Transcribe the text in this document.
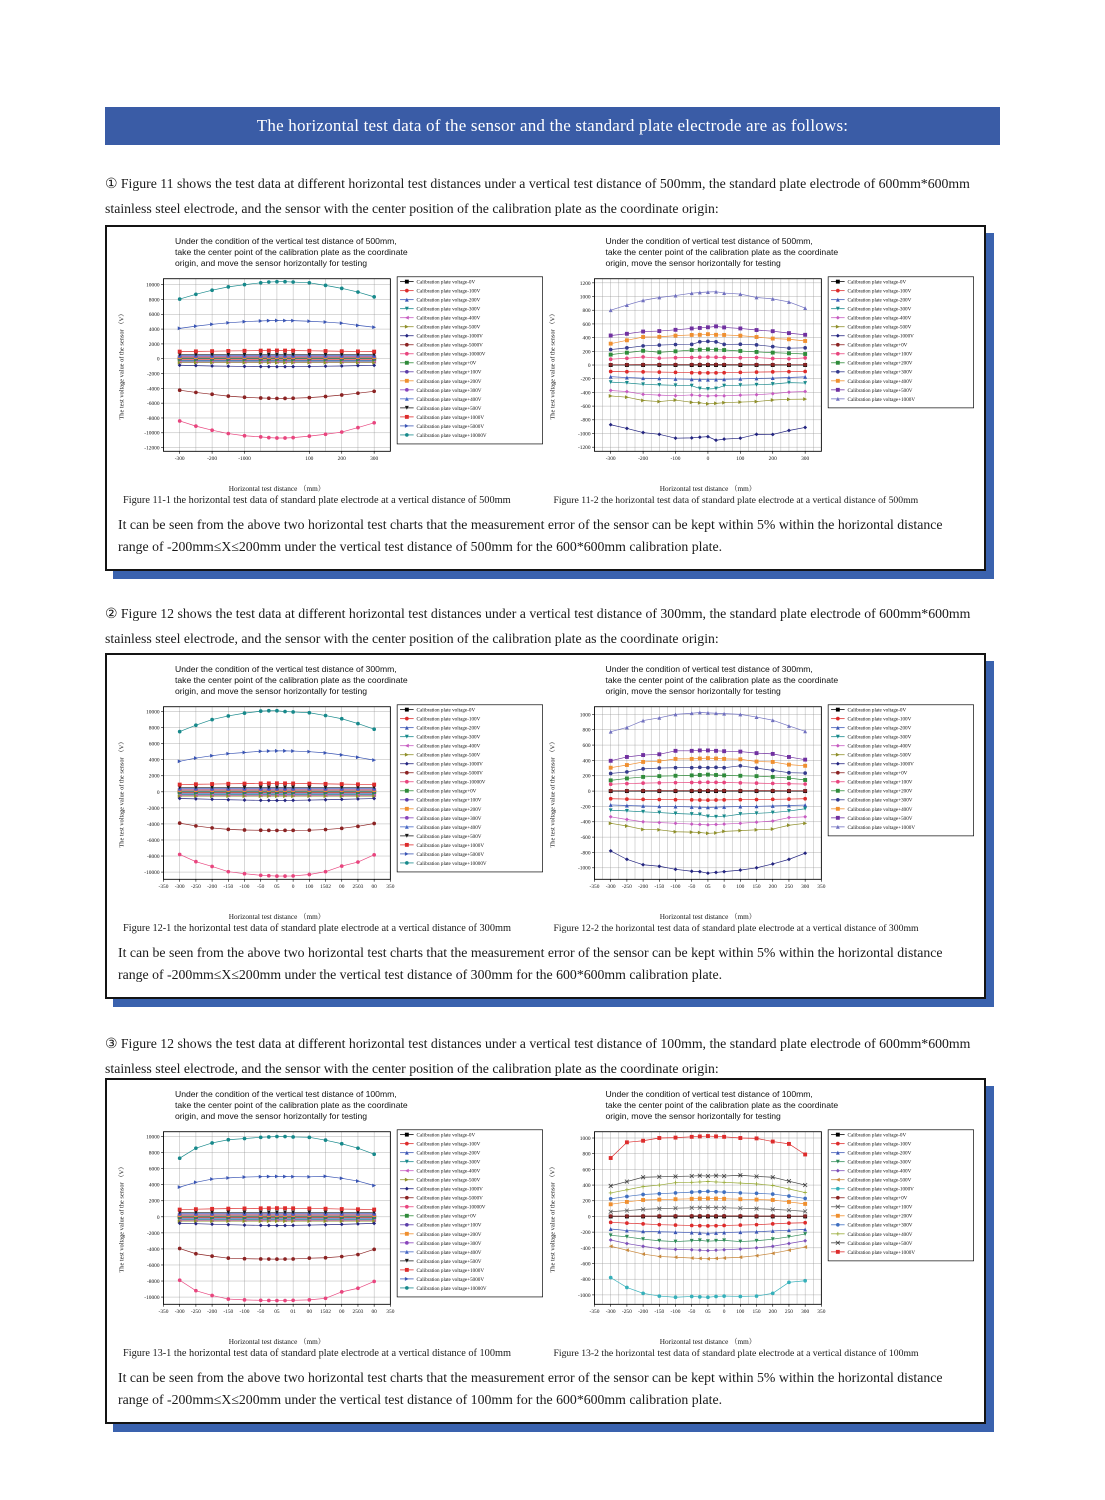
The horizontal test data of the sensor and the standard plate electrode are as follows:

① Figure 11 shows the test data at different horizontal test distances under a vertical test distance of 500mm, the standard plate electrode of 600mm*600mm stainless steel electrode, and the sensor with the center position of the calibration plate as the coordinate origin:

Under the condition of the vertical test distance of 500mm,
take the center point of the calibration plate as the coordinate
origin, and move the sensor horizontally for testing
10000
8000
6000
4000
2000
0
-2000
-4000
-6000
-8000
-10000
-12000
-300	-200	-1000	100	200	300
Calibration plate voltage-0V
Calibration plate voltage-100V
Calibration plate voltage-200V
Calibration plate voltage-300V
Calibration plate voltage-400V
Calibration plate voltage-500V
Calibration plate voltage-1000V
Calibration plate voltage-5000V
Calibration plate voltage-10000V
Calibration plate voltage+0V
Calibration plate voltage+100V
Calibration plate voltage+200V
Calibration plate voltage+300V
Calibration plate voltage+400V
Calibration plate voltage+500V
Calibration plate voltage+1000V
Calibration plate voltage+5000V
Calibration plate voltage+10000V
The test voltage value of the sensor （V）
Horizontal test distance （mm）
Figure 11-1 the horizontal test data of standard plate electrode at a vertical distance of 500mm
Under the condition of vertical test distance of 500mm,
take the center point of the calibration plate as the coordinate
origin, move the sensor horizontally for testing
1200
1000
800
600
400
200
0
-200
-400
-600
-800
-1000
-1200
-300	-200	-100	0	100	200	300
Calibration plate voltage-0V
Calibration plate voltage-100V
Calibration plate voltage-200V
Calibration plate voltage-300V
Calibration plate voltage-400V
Calibration plate voltage-500V
Calibration plate voltage-1000V
Calibration plate voltage+0V
Calibration plate voltage+100V
Calibration plate voltage+200V
Calibration plate voltage+300V
Calibration plate voltage+400V
Calibration plate voltage+500V
Calibration plate voltage+1000V
The test voltage value of the sensor （V）
Horizontal test distance （mm）
Figure 11-2 the horizontal test data of standard plate electrode at a vertical distance of 500mm
It can be seen from the above two horizontal test charts that the measurement error of the sensor can be kept within 5% within the horizontal distance range of -200mm≤X≤200mm under the vertical test distance of 500mm for the 600*600mm calibration plate.

② Figure 12 shows the test data at different horizontal test distances under a vertical test distance of 300mm, the standard plate electrode of 600mm*600mm stainless steel electrode, and the sensor with the center position of the calibration plate as the coordinate origin:

Under the condition of the vertical test distance of 300mm,
take the center point of the calibration plate as the coordinate
origin, and move the sensor horizontally for testing
10000
8000
6000
4000
2000
0
-2000
-4000
-6000
-8000
-10000
-350 -300 -250 -200 -150 -100 -50 05 0 100 1502 00 2503 00 350
Calibration plate voltage-0V
Calibration plate voltage-100V
Calibration plate voltage-200V
Calibration plate voltage-300V
Calibration plate voltage-400V
Calibration plate voltage-500V
Calibration plate voltage-1000V
Calibration plate voltage-5000V
Calibration plate voltage-10000V
Calibration plate voltage+0V
Calibration plate voltage+100V
Calibration plate voltage+200V
Calibration plate voltage+300V
Calibration plate voltage+400V
Calibration plate voltage+500V
Calibration plate voltage+1000V
Calibration plate voltage+5000V
Calibration plate voltage+10000V
The test voltage value of the sensor （V）
Horizontal test distance （mm）
Figure 12-1 the horizontal test data of standard plate electrode at a vertical distance of 300mm
Under the condition of vertical test distance of 300mm,
take the center point of the calibration plate as the coordinate
origin, move the sensor horizontally for testing
1000
800
600
400
200
0
-200
-400
-600
-800
-1000
-350 -300 -250 -200 -150 -100 -50 05 0 100 150 200 250 300 350
Calibration plate voltage-0V
Calibration plate voltage-100V
Calibration plate voltage-200V
Calibration plate voltage-300V
Calibration plate voltage-400V
Calibration plate voltage-500V
Calibration plate voltage-1000V
Calibration plate voltage+0V
Calibration plate voltage+100V
Calibration plate voltage+200V
Calibration plate voltage+300V
Calibration plate voltage+400V
Calibration plate voltage+500V
Calibration plate voltage+1000V
The test voltage value of the sensor （V）
Horizontal test distance （mm）
Figure 12-2 the horizontal test data of standard plate electrode at a vertical distance of 300mm
It can be seen from the above two horizontal test charts that the measurement error of the sensor can be kept within 5% within the horizontal distance range of -200mm≤X≤200mm under the vertical test distance of 300mm for the 600*600mm calibration plate.

③ Figure 12 shows the test data at different horizontal test distances under a vertical test distance of 100mm, the standard plate electrode of 600mm*600mm stainless steel electrode, and the sensor with the center position of the calibration plate as the coordinate origin:

Under the condition of the vertical test distance of 100mm,
take the center point of the calibration plate as the coordinate
origin, and move the sensor horizontally for testing
10000
8000
6000
4000
2000
0
-2000
-4000
-6000
-8000
-10000
-350 -300 -250 -200 -150 -100 -50 05 01 00 1502 00 2503 00 350
Calibration plate voltage-0V
Calibration plate voltage-100V
Calibration plate voltage-200V
Calibration plate voltage-300V
Calibration plate voltage-400V
Calibration plate voltage-500V
Calibration plate voltage-1000V
Calibration plate voltage-5000V
Calibration plate voltage-10000V
Calibration plate voltage+0V
Calibration plate voltage+100V
Calibration plate voltage+200V
Calibration plate voltage+300V
Calibration plate voltage+400V
Calibration plate voltage+500V
Calibration plate voltage+1000V
Calibration plate voltage+5000V
Calibration plate voltage+10000V
The test voltage value of the sensor （V）
Horizontal test distance （mm）
Figure 13-1 the horizontal test data of standard plate electrode at a vertical distance of 100mm
Under the condition of vertical test distance of 100mm,
take the center point of the calibration plate as the coordinate
origin, move the sensor horizontally for testing
1000
800
600
400
200
0
-200
-400
-600
-800
-1000
-350 -300 -250 -200 -150 -100 -50 05 0 100 150 200 250 300 350
Calibration plate voltage-0V
Calibration plate voltage-100V
Calibration plate voltage-200V
Calibration plate voltage-300V
Calibration plate voltage-400V
Calibration plate voltage-500V
Calibration plate voltage-1000V
Calibration plate voltage+0V
Calibration plate voltage+100V
Calibration plate voltage+200V
Calibration plate voltage+300V
Calibration plate voltage+400V
Calibration plate voltage+500V
Calibration plate voltage+1000V
The test voltage value of the sensor （V）
Horizontal test distance （mm）
Figure 13-2 the horizontal test data of standard plate electrode at a vertical distance of 100mm
It can be seen from the above two horizontal test charts that the measurement error of the sensor can be kept within 5% within the horizontal distance range of -200mm≤X≤200mm under the vertical test distance of 100mm for the 600*600mm calibration plate.
